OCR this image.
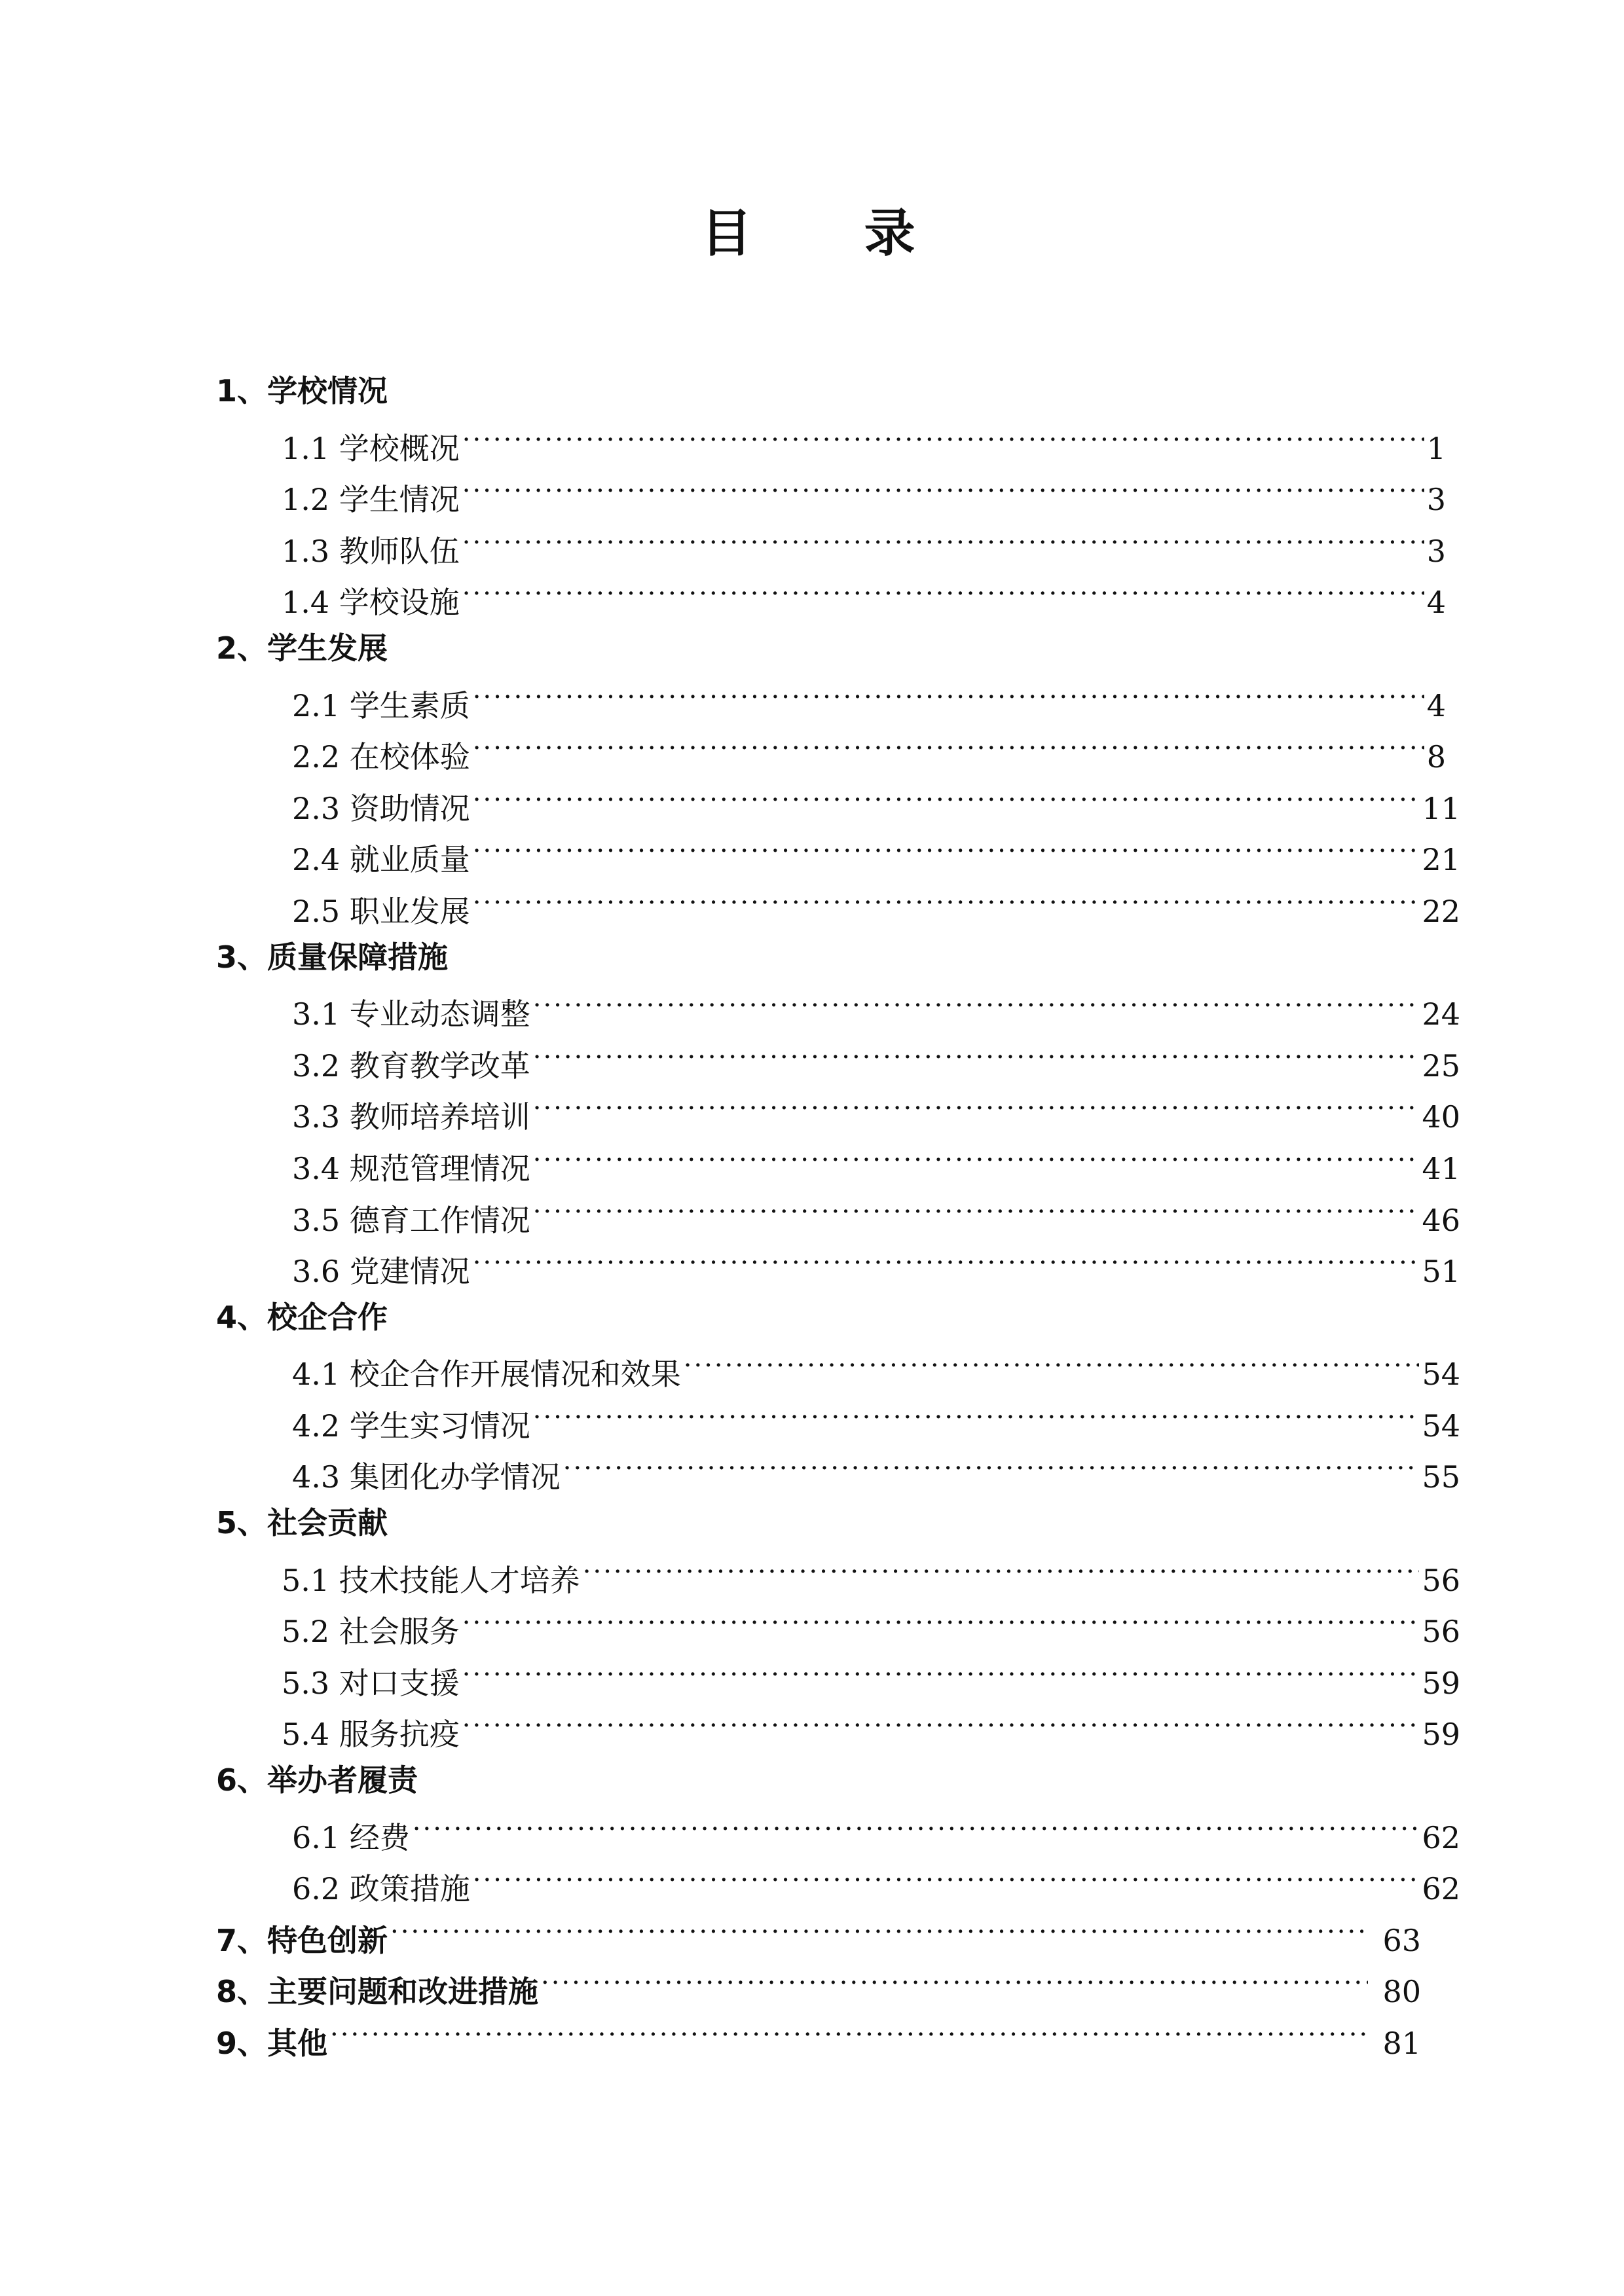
目 录
1、学校情况
1.1 学校概况 ·····	1
1.2 学生情况 ·····	3
1.3 教师队伍 ·····	3
1.4 学校设施 ·····	4
2、学生发展
2.1 学生素质 ·····	4
2.2 在校体验 ·····	8
2.3 资助情况 ·····	11
2.4 就业质量 ·····	21
2.5 职业发展 ·····	22
3、质量保障措施
3.1 专业动态调整 ·····	24
3.2 教育教学改革 ·····	25
3.3 教师培养培训 ·····	40
3.4 规范管理情况 ·····	41
3.5 德育工作情况 ·····	46
3.6 党建情况 ·····	51
4、校企合作
4.1 校企合作开展情况和效果 ·····	54
4.2 学生实习情况 ·····	54
4.3 集团化办学情况 ·····	55
5、社会贡献
5.1 技术技能人才培养 ·····	56
5.2 社会服务 ·····	56
5.3 对口支援 ·····	59
5.4 服务抗疫 ·····	59
6、举办者履责
6.1 经费 ·····	62
6.2 政策措施 ·····	62
7、特色创新 ·····	63
8、主要问题和改进措施 ·····	80
9、其他 ·····	81
